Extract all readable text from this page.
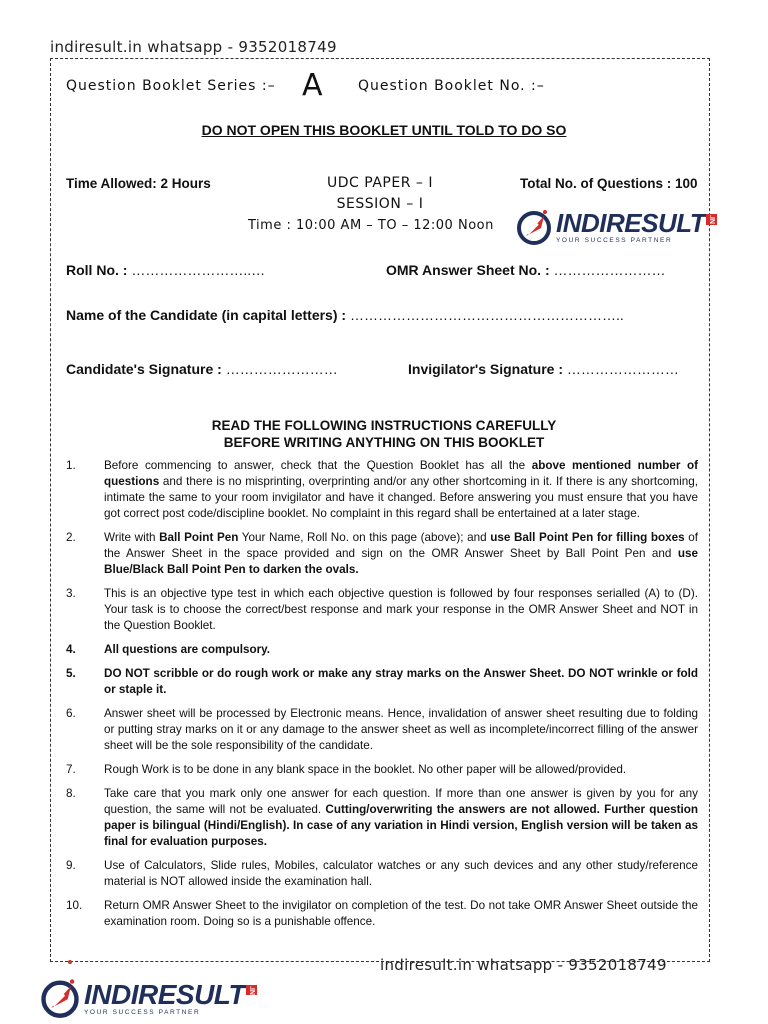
indiresult.in whatsapp - 9352018749
Question Booklet Series :– A	Question Booklet No. :–
DO NOT OPEN THIS BOOKLET UNTIL TOLD TO DO SO
Time Allowed: 2 Hours	UDC PAPER – I
SESSION – I
Time : 10:00 AM – TO – 12:00 Noon
Total No. of Questions : 100
INDIRESULT .IN
YOUR SUCCESS PARTNER
Roll No. : ……………………..…	OMR Answer Sheet No. : ……………………
Name of the Candidate (in capital letters) : …………………………………………………..
Candidate's Signature : ……………………	Invigilator's Signature : ……………………
READ THE FOLLOWING INSTRUCTIONS CAREFULLY
BEFORE WRITING ANYTHING ON THIS BOOKLET
1.	Before commencing to answer, check that the Question Booklet has all the above mentioned number of questions and there is no misprinting, overprinting and/or any other shortcoming in it. If there is any shortcoming, intimate the same to your room invigilator and have it changed. Before answering you must ensure that you have got correct post code/discipline booklet. No complaint in this regard shall be entertained at a later stage.
2.	Write with Ball Point Pen Your Name, Roll No. on this page (above); and use Ball Point Pen for filling boxes of the Answer Sheet in the space provided and sign on the OMR Answer Sheet by Ball Point Pen and use Blue/Black Ball Point Pen to darken the ovals.
3.	This is an objective type test in which each objective question is followed by four responses serialled (A) to (D). Your task is to choose the correct/best response and mark your response in the OMR Answer Sheet and NOT in the Question Booklet.
4.	All questions are compulsory.
5.	DO NOT scribble or do rough work or make any stray marks on the Answer Sheet. DO NOT wrinkle or fold or staple it.
6.	Answer sheet will be processed by Electronic means. Hence, invalidation of answer sheet resulting due to folding or putting stray marks on it or any damage to the answer sheet as well as incomplete/incorrect filling of the answer sheet will be the sole responsibility of the candidate.
7.	Rough Work is to be done in any blank space in the booklet. No other paper will be allowed/provided.
8.	Take care that you mark only one answer for each question. If more than one answer is given by you for any question, the same will not be evaluated. Cutting/overwriting the answers are not allowed. Further question paper is bilingual (Hindi/English). In case of any variation in Hindi version, English version will be taken as final for evaluation purposes.
9.	Use of Calculators, Slide rules, Mobiles, calculator watches or any such devices and any other study/reference material is NOT allowed inside the examination hall.
10.	Return OMR Answer Sheet to the invigilator on completion of the test. Do not take OMR Answer Sheet outside the examination room. Doing so is a punishable offence.
indiresult.in whatsapp - 9352018749
INDIRESULT .IN
YOUR SUCCESS PARTNER
